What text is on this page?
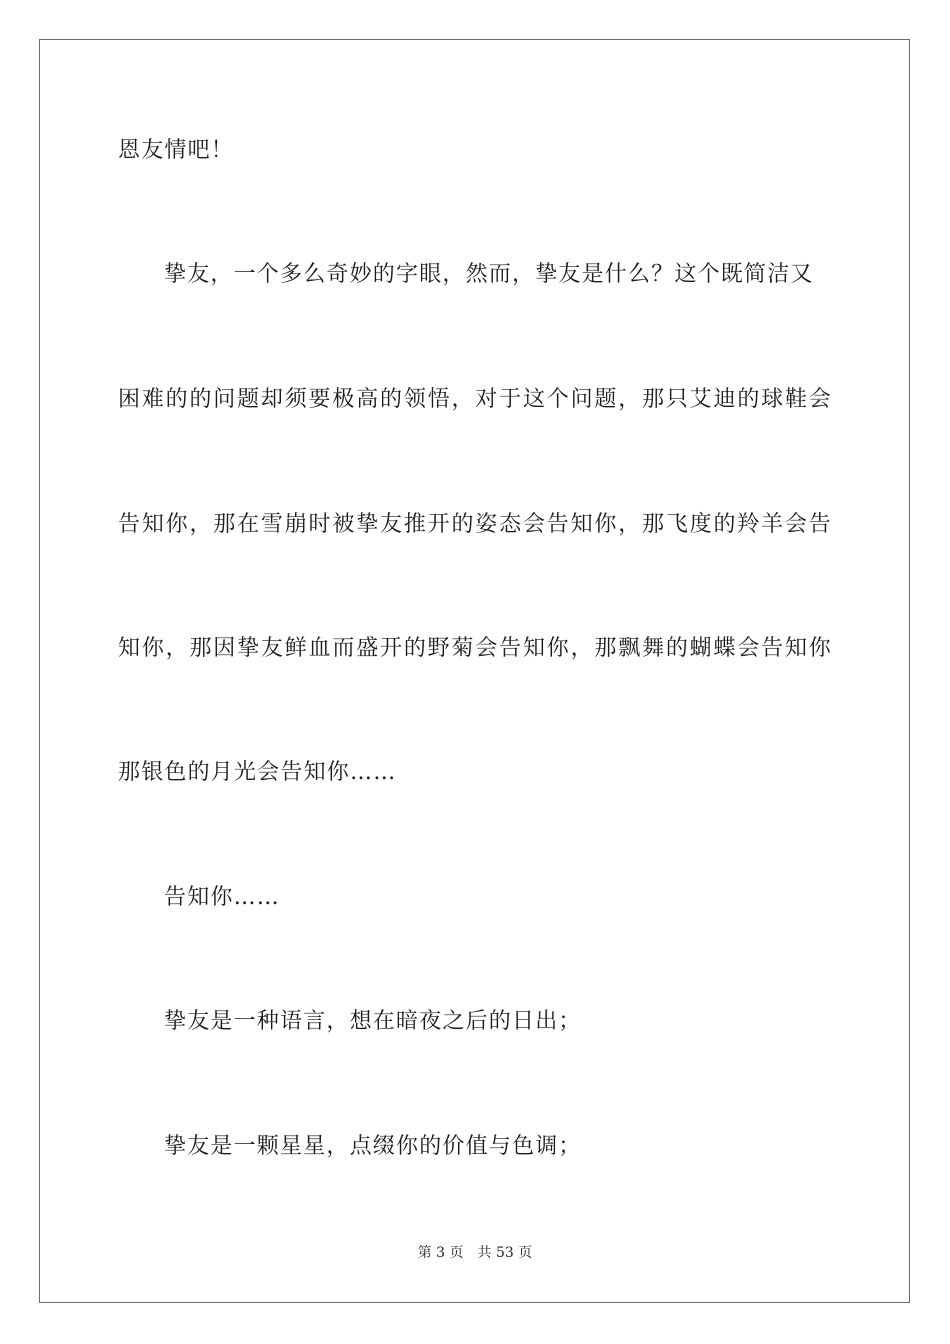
恩友情吧！
挚友，一个多么奇妙的字眼，然而，挚友是什么？这个既简洁又
困难的的问题却须要极高的领悟，对于这个问题，那只艾迪的球鞋会
告知你，那在雪崩时被挚友推开的姿态会告知你，那飞度的羚羊会告
知你，那因挚友鲜血而盛开的野菊会告知你，那飘舞的蝴蝶会告知你
那银色的月光会告知你……
告知你……
挚友是一种语言，想在暗夜之后的日出；
挚友是一颗星星，点缀你的价值与色调；
第 3 页 共 53 页
